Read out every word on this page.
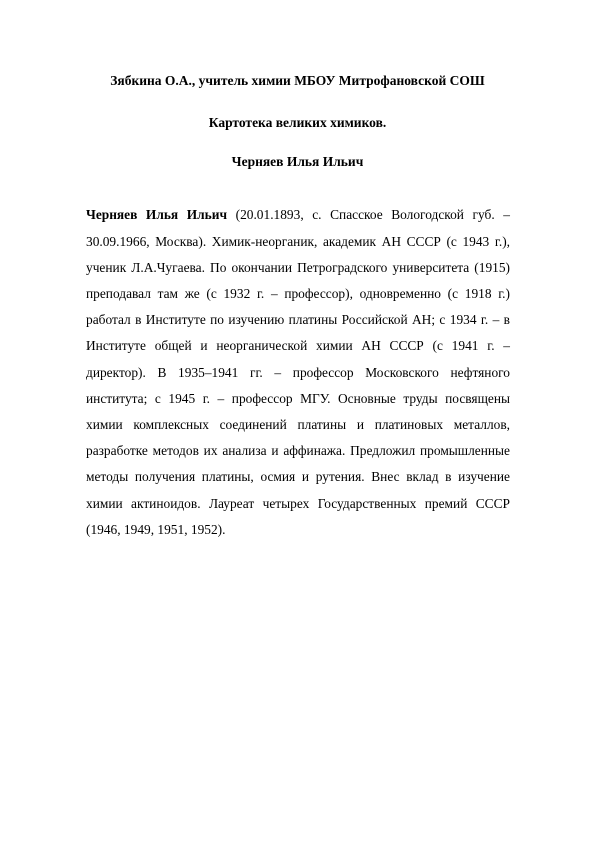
Зябкина О.А., учитель химии МБОУ Митрофановской СОШ
Картотека великих химиков.
Черняев Илья Ильич

Черняев Илья Ильич (20.01.1893, с. Спасское Вологодской губ. – 30.09.1966, Москва). Химик-неорганик, академик АН СССР (с 1943 г.), ученик Л.А.Чугаева. По окончании Петроградского университета (1915) преподавал там же (с 1932 г. – профессор), одновременно (с 1918 г.) работал в Институте по изучению платины Российской АН; с 1934 г. – в Институте общей и неорганической химии АН СССР (с 1941 г. – директор). В 1935–1941 гг. – профессор Московского нефтяного института; с 1945 г. – профессор МГУ. Основные труды посвящены химии комплексных соединений платины и платиновых металлов, разработке методов их анализа и аффинажа. Предложил промышленные методы получения платины, осмия и рутения. Внес вклад в изучение химии актиноидов. Лауреат четырех Государственных премий СССР (1946, 1949, 1951, 1952).
